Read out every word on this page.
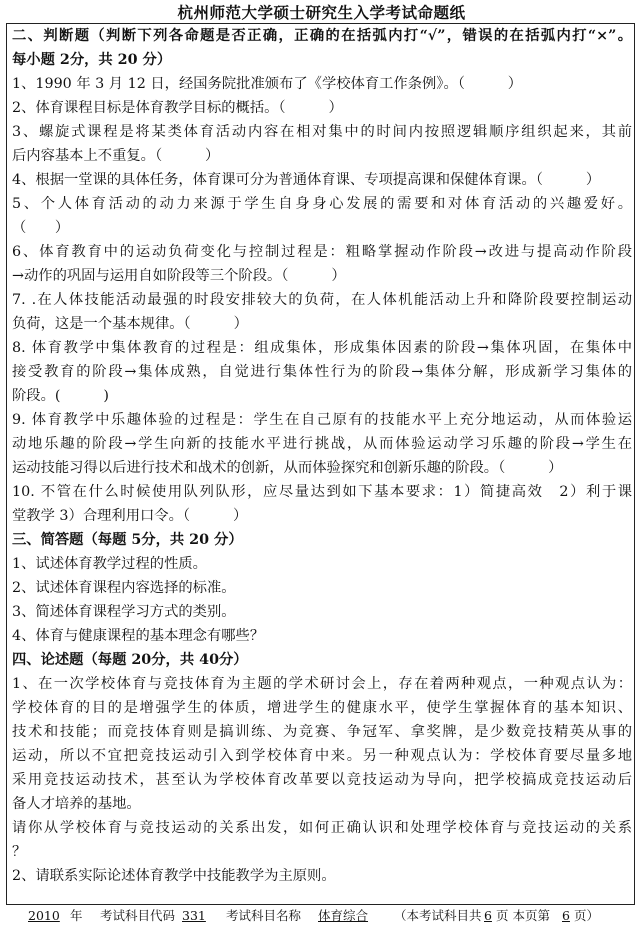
杭州师范大学硕士研究生入学考试命题纸
二、判断题（判断下列各命题是否正确，正确的在括弧内打“√”，错误的在括弧内打“×”。
每小题 2分，共 20 分）
1、1990 年 3 月 12 日，经国务院批准颁布了《学校体育工作条例》。（　　　）
2、体育课程目标是体育教学目标的概括。（　　　）
3、螺旋式课程是将某类体育活动内容在相对集中的时间内按照逻辑顺序组织起来，其前
后内容基本上不重复。（　　　）
4、根据一堂课的具体任务，体育课可分为普通体育课、专项提高课和保健体育课。（　　　）
5、个人体育活动的动力来源于学生自身身心发展的需要和对体育活动的兴趣爱好。
（　　）
6、体育教育中的运动负荷变化与控制过程是：粗略掌握动作阶段→改进与提高动作阶段
→动作的巩固与运用自如阶段等三个阶段。（　　　）
7. .在人体技能活动最强的时段安排较大的负荷，在人体机能活动上升和降阶段要控制运动
负荷，这是一个基本规律。（　　　）
8. 体育教学中集体教育的过程是：组成集体，形成集体因素的阶段→集体巩固，在集体中
接受教育的阶段→集体成熟，自觉进行集体性行为的阶段→集体分解，形成新学习集体的
阶段。(　　　)
9. 体育教学中乐趣体验的过程是：学生在自己原有的技能水平上充分地运动，从而体验运
动地乐趣的阶段→学生向新的技能水平进行挑战，从而体验运动学习乐趣的阶段→学生在
运动技能习得以后进行技术和战术的创新，从而体验探究和创新乐趣的阶段。（　　　）
10. 不管在什么时候使用队列队形，应尽量达到如下基本要求：1）简捷高效　2）利于课
堂教学 3）合理利用口令。（　　　）
三、简答题（每题 5分，共 20 分）
1、试述体育教学过程的性质。
2、试述体育课程内容选择的标准。
3、简述体育课程学习方式的类别。
4、体育与健康课程的基本理念有哪些？
四、论述题（每题 20分，共 40分）
1、在一次学校体育与竞技体育为主题的学术研讨会上，存在着两种观点，一种观点认为：
学校体育的目的是增强学生的体质，增进学生的健康水平，使学生掌握体育的基本知识、
技术和技能；而竞技体育则是搞训练、为竞赛、争冠军、拿奖牌，是少数竞技精英从事的
运动，所以不宜把竞技运动引入到学校体育中来。另一种观点认为：学校体育要尽量多地
采用竞技运动技术，甚至认为学校体育改革要以竞技运动为导向，把学校搞成竞技运动后
备人才培养的基地。
请你从学校体育与竞技运动的关系出发，如何正确认识和处理学校体育与竞技运动的关系
？
2、请联系实际论述体育教学中技能教学为主原则。
2010 年 考试科目代码 331 考试科目名称 体育综合 （本考试科目共 6 页 本页第 6 页）
